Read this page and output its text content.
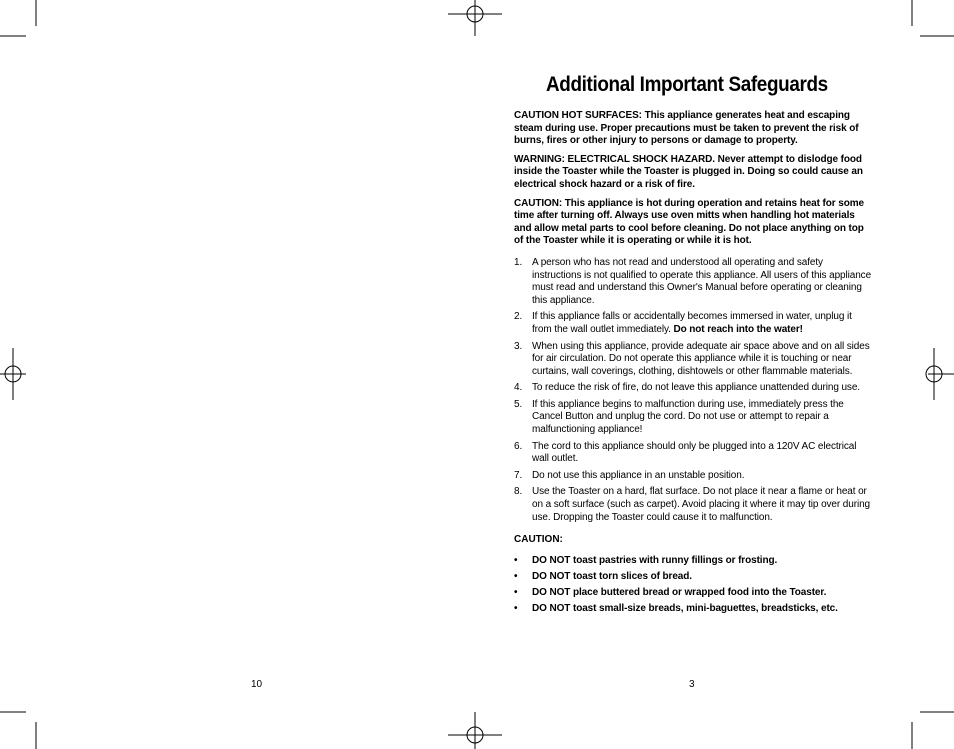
Additional Important Safeguards

CAUTION HOT SURFACES: This appliance generates heat and escaping steam during use. Proper precautions must be taken to prevent the risk of burns, fires or other injury to persons or damage to property.

WARNING: ELECTRICAL SHOCK HAZARD. Never attempt to dislodge food inside the Toaster while the Toaster is plugged in. Doing so could cause an electrical shock hazard or a risk of fire.

CAUTION: This appliance is hot during operation and retains heat for some time after turning off. Always use oven mitts when handling hot materials and allow metal parts to cool before cleaning. Do not place anything on top of the Toaster while it is operating or while it is hot.

1. A person who has not read and understood all operating and safety instructions is not qualified to operate this appliance. All users of this appliance must read and understand this Owner's Manual before operating or cleaning this appliance.
2. If this appliance falls or accidentally becomes immersed in water, unplug it from the wall outlet immediately. Do not reach into the water!
3. When using this appliance, provide adequate air space above and on all sides for air circulation. Do not operate this appliance while it is touching or near curtains, wall coverings, clothing, dishtowels or other flammable materials.
4. To reduce the risk of fire, do not leave this appliance unattended during use.
5. If this appliance begins to malfunction during use, immediately press the Cancel Button and unplug the cord. Do not use or attempt to repair a malfunctioning appliance!
6. The cord to this appliance should only be plugged into a 120V AC electrical wall outlet.
7. Do not use this appliance in an unstable position.
8. Use the Toaster on a hard, flat surface. Do not place it near a flame or heat or on a soft surface (such as carpet). Avoid placing it where it may tip over during use. Dropping the Toaster could cause it to malfunction.
CAUTION:
•	DO NOT toast pastries with runny fillings or frosting.
•	DO NOT toast torn slices of bread.
•	DO NOT place buttered bread or wrapped food into the Toaster.
•	DO NOT toast small-size breads, mini-baguettes, breadsticks, etc.
10	3
